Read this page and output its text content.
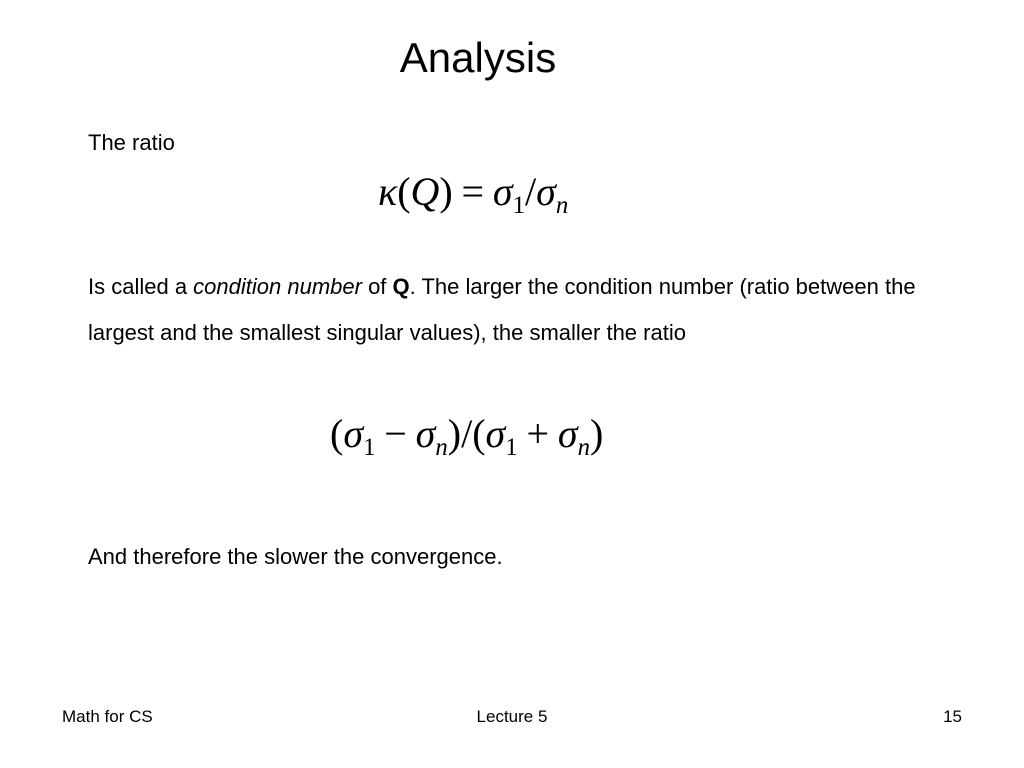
Analysis
The ratio
$\kappa(Q) = \sigma_1/\sigma_n$
Is called a condition number of Q. The larger the condition number (ratio between the largest and the smallest singular values), the smaller the ratio
$(\sigma_1 - \sigma_n)/(\sigma_1 + \sigma_n)$
And therefore the slower the convergence.
Math for CS	Lecture 5	15
